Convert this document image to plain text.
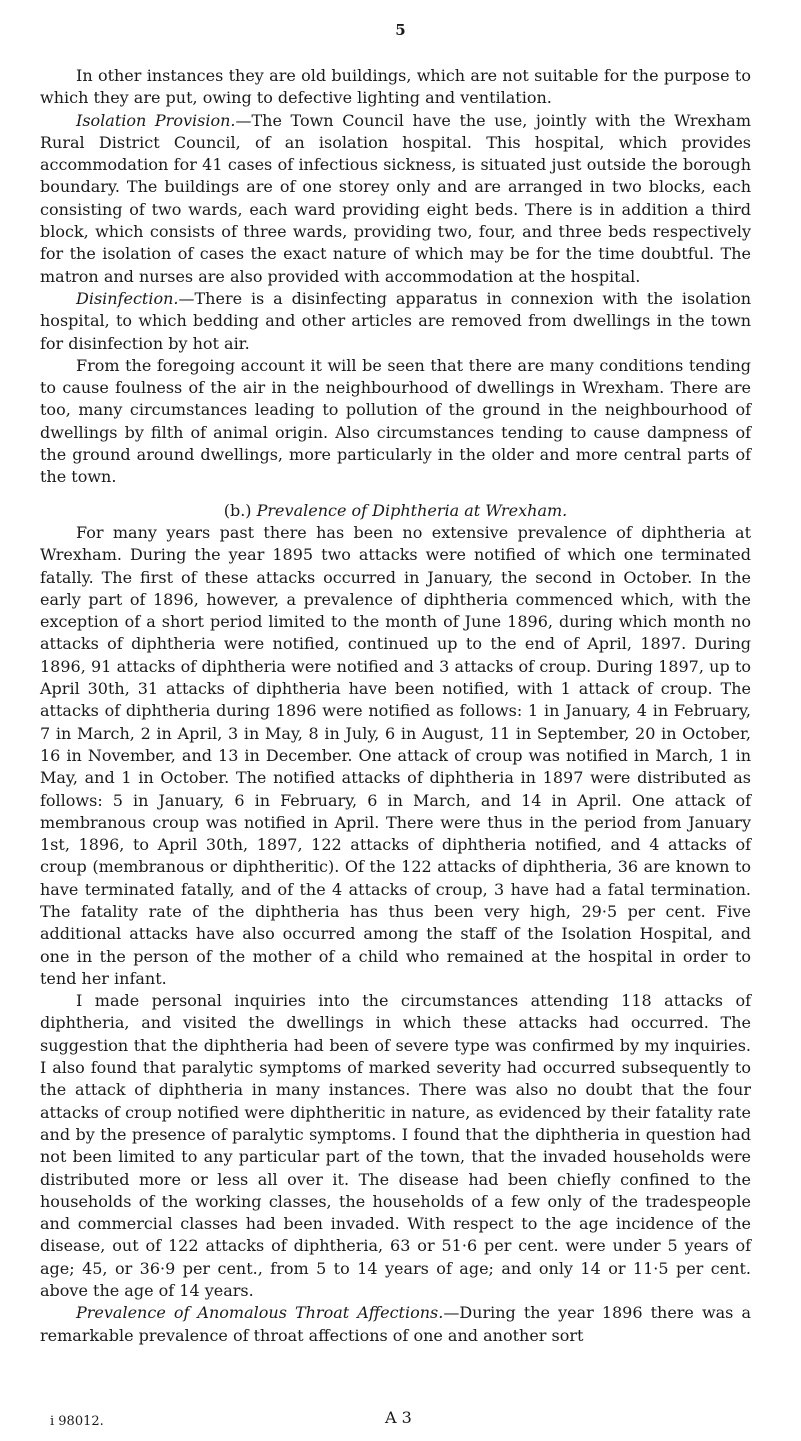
5

In other instances they are old buildings, which are not suitable for the purpose to which they are put, owing to defective lighting and ventilation.

Isolation Provision.—The Town Council have the use, jointly with the Wrexham Rural District Council, of an isolation hospital. This hospital, which provides accommodation for 41 cases of infectious sickness, is situated just outside the borough boundary. The buildings are of one storey only and are arranged in two blocks, each consisting of two wards, each ward providing eight beds. There is in addition a third block, which consists of three wards, providing two, four, and three beds respectively for the isolation of cases the exact nature of which may be for the time doubtful. The matron and nurses are also provided with accommodation at the hospital.

Disinfection.—There is a disinfecting apparatus in connexion with the isolation hospital, to which bedding and other articles are removed from dwellings in the town for disinfection by hot air.

From the foregoing account it will be seen that there are many conditions tending to cause foulness of the air in the neighbourhood of dwellings in Wrexham. There are too, many circumstances leading to pollution of the ground in the neighbourhood of dwellings by filth of animal origin. Also circumstances tending to cause dampness of the ground around dwellings, more particularly in the older and more central parts of the town.

(b.) Prevalence of Diphtheria at Wrexham.

For many years past there has been no extensive prevalence of diphtheria at Wrexham. During the year 1895 two attacks were notified of which one terminated fatally. The first of these attacks occurred in January, the second in October. In the early part of 1896, however, a prevalence of diphtheria commenced which, with the exception of a short period limited to the month of June 1896, during which month no attacks of diphtheria were notified, continued up to the end of April, 1897. During 1896, 91 attacks of diphtheria were notified and 3 attacks of croup. During 1897, up to April 30th, 31 attacks of diphtheria have been notified, with 1 attack of croup. The attacks of diphtheria during 1896 were notified as follows: 1 in January, 4 in February, 7 in March, 2 in April, 3 in May, 8 in July, 6 in August, 11 in September, 20 in October, 16 in November, and 13 in December. One attack of croup was notified in March, 1 in May, and 1 in October. The notified attacks of diphtheria in 1897 were distributed as follows: 5 in January, 6 in February, 6 in March, and 14 in April. One attack of membranous croup was notified in April. There were thus in the period from January 1st, 1896, to April 30th, 1897, 122 attacks of diphtheria notified, and 4 attacks of croup (membranous or diphtheritic). Of the 122 attacks of diphtheria, 36 are known to have terminated fatally, and of the 4 attacks of croup, 3 have had a fatal termination. The fatality rate of the diphtheria has thus been very high, 29·5 per cent. Five additional attacks have also occurred among the staff of the Isolation Hospital, and one in the person of the mother of a child who remained at the hospital in order to tend her infant.

I made personal inquiries into the circumstances attending 118 attacks of diphtheria, and visited the dwellings in which these attacks had occurred. The suggestion that the diphtheria had been of severe type was confirmed by my inquiries. I also found that paralytic symptoms of marked severity had occurred subsequently to the attack of diphtheria in many instances. There was also no doubt that the four attacks of croup notified were diphtheritic in nature, as evidenced by their fatality rate and by the presence of paralytic symptoms. I found that the diphtheria in question had not been limited to any particular part of the town, that the invaded households were distributed more or less all over it. The disease had been chiefly confined to the households of the working classes, the households of a few only of the tradespeople and commercial classes had been invaded. With respect to the age incidence of the disease, out of 122 attacks of diphtheria, 63 or 51·6 per cent. were under 5 years of age; 45, or 36·9 per cent., from 5 to 14 years of age; and only 14 or 11·5 per cent. above the age of 14 years.

Prevalence of Anomalous Throat Affections.—During the year 1896 there was a remarkable prevalence of throat affections of one and another sort

i 98012.	A 3
